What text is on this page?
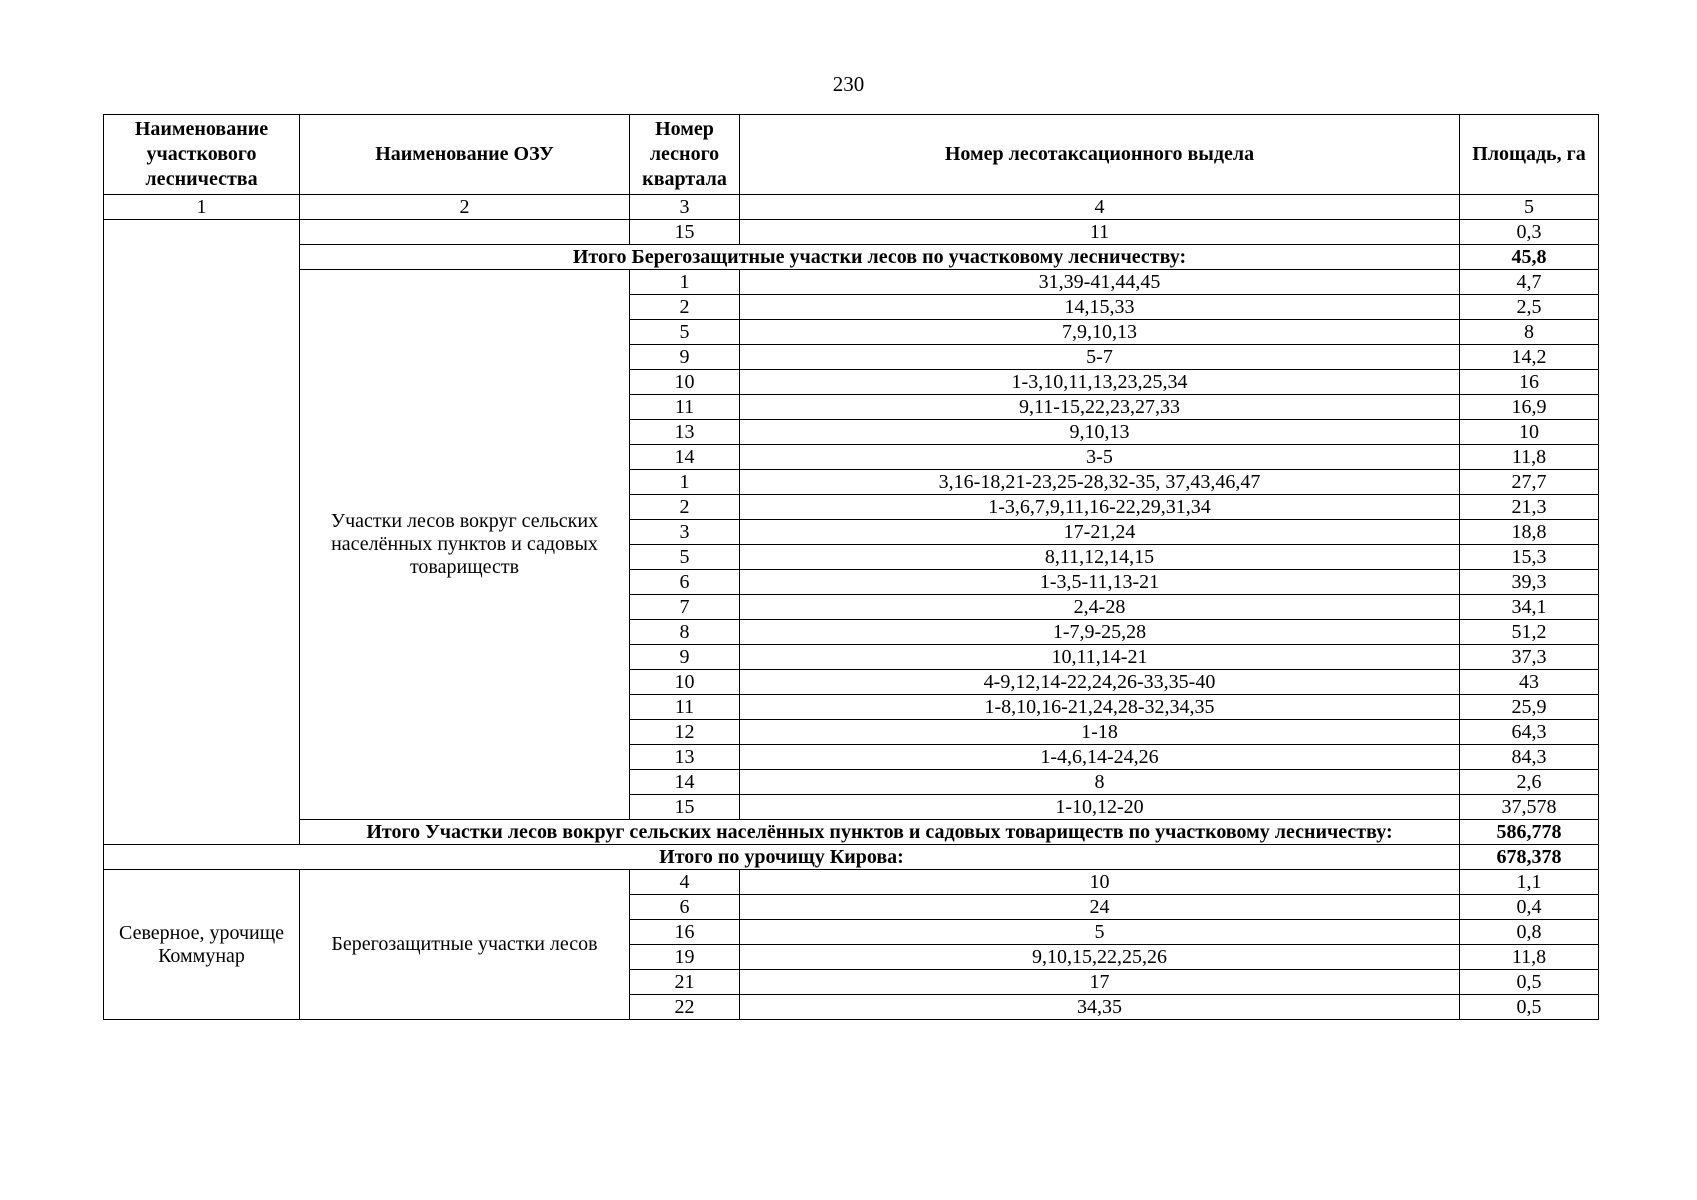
230
Наименование участкового лесничества	Наименование ОЗУ	Номер лесного квартала	Номер лесотаксационного выдела	Площадь, га
1	2	3	4	5
		15	11	0,3
	Итого Берегозащитные участки лесов по участковому лесничеству:			45,8
	Участки лесов вокруг сельских населённых пунктов и садовых товариществ	1	31,39-41,44,45	4,7
		2	14,15,33	2,5
		5	7,9,10,13	8
		9	5-7	14,2
		10	1-3,10,11,13,23,25,34	16
		11	9,11-15,22,23,27,33	16,9
		13	9,10,13	10
		14	3-5	11,8
		1	3,16-18,21-23,25-28,32-35, 37,43,46,47	27,7
		2	1-3,6,7,9,11,16-22,29,31,34	21,3
		3	17-21,24	18,8
		5	8,11,12,14,15	15,3
		6	1-3,5-11,13-21	39,3
		7	2,4-28	34,1
		8	1-7,9-25,28	51,2
		9	10,11,14-21	37,3
		10	4-9,12,14-22,24,26-33,35-40	43
		11	1-8,10,16-21,24,28-32,34,35	25,9
		12	1-18	64,3
		13	1-4,6,14-24,26	84,3
		14	8	2,6
		15	1-10,12-20	37,578
	Итого Участки лесов вокруг сельских населённых пунктов и садовых товариществ по участковому лесничеству:			586,778
Итого по урочищу Кирова:				678,378
Северное, урочище Коммунар	Берегозащитные участки лесов	4	10	1,1
		6	24	0,4
		16	5	0,8
		19	9,10,15,22,25,26	11,8
		21	17	0,5
		22	34,35	0,5
